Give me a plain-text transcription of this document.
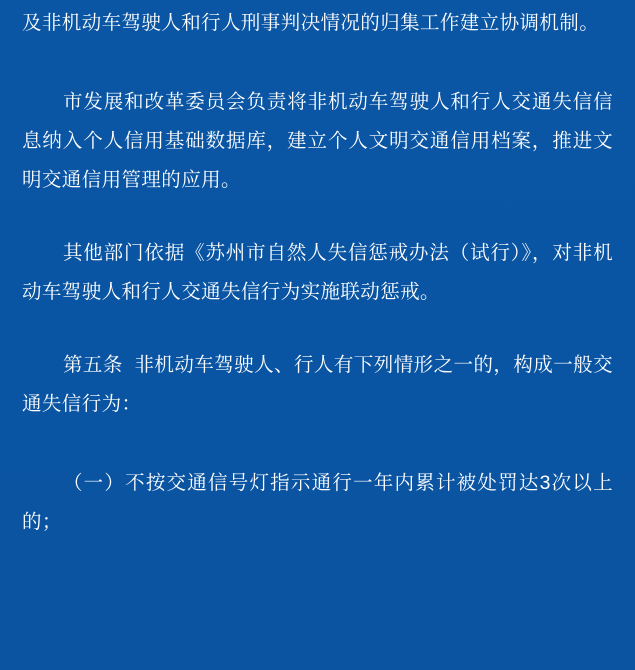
及非机动车驾驶人和行人刑事判决情况的归集工作建立协调机制。

市发展和改革委员会负责将非机动车驾驶人和行人交通失信信息纳入个人信用基础数据库，建立个人文明交通信用档案，推进文明交通信用管理的应用。

其他部门依据《苏州市自然人失信惩戒办法（试行）》，对非机动车驾驶人和行人交通失信行为实施联动惩戒。

第五条  非机动车驾驶人、行人有下列情形之一的，构成一般交通失信行为：

（一）不按交通信号灯指示通行一年内累计被处罚达3次以上的；
